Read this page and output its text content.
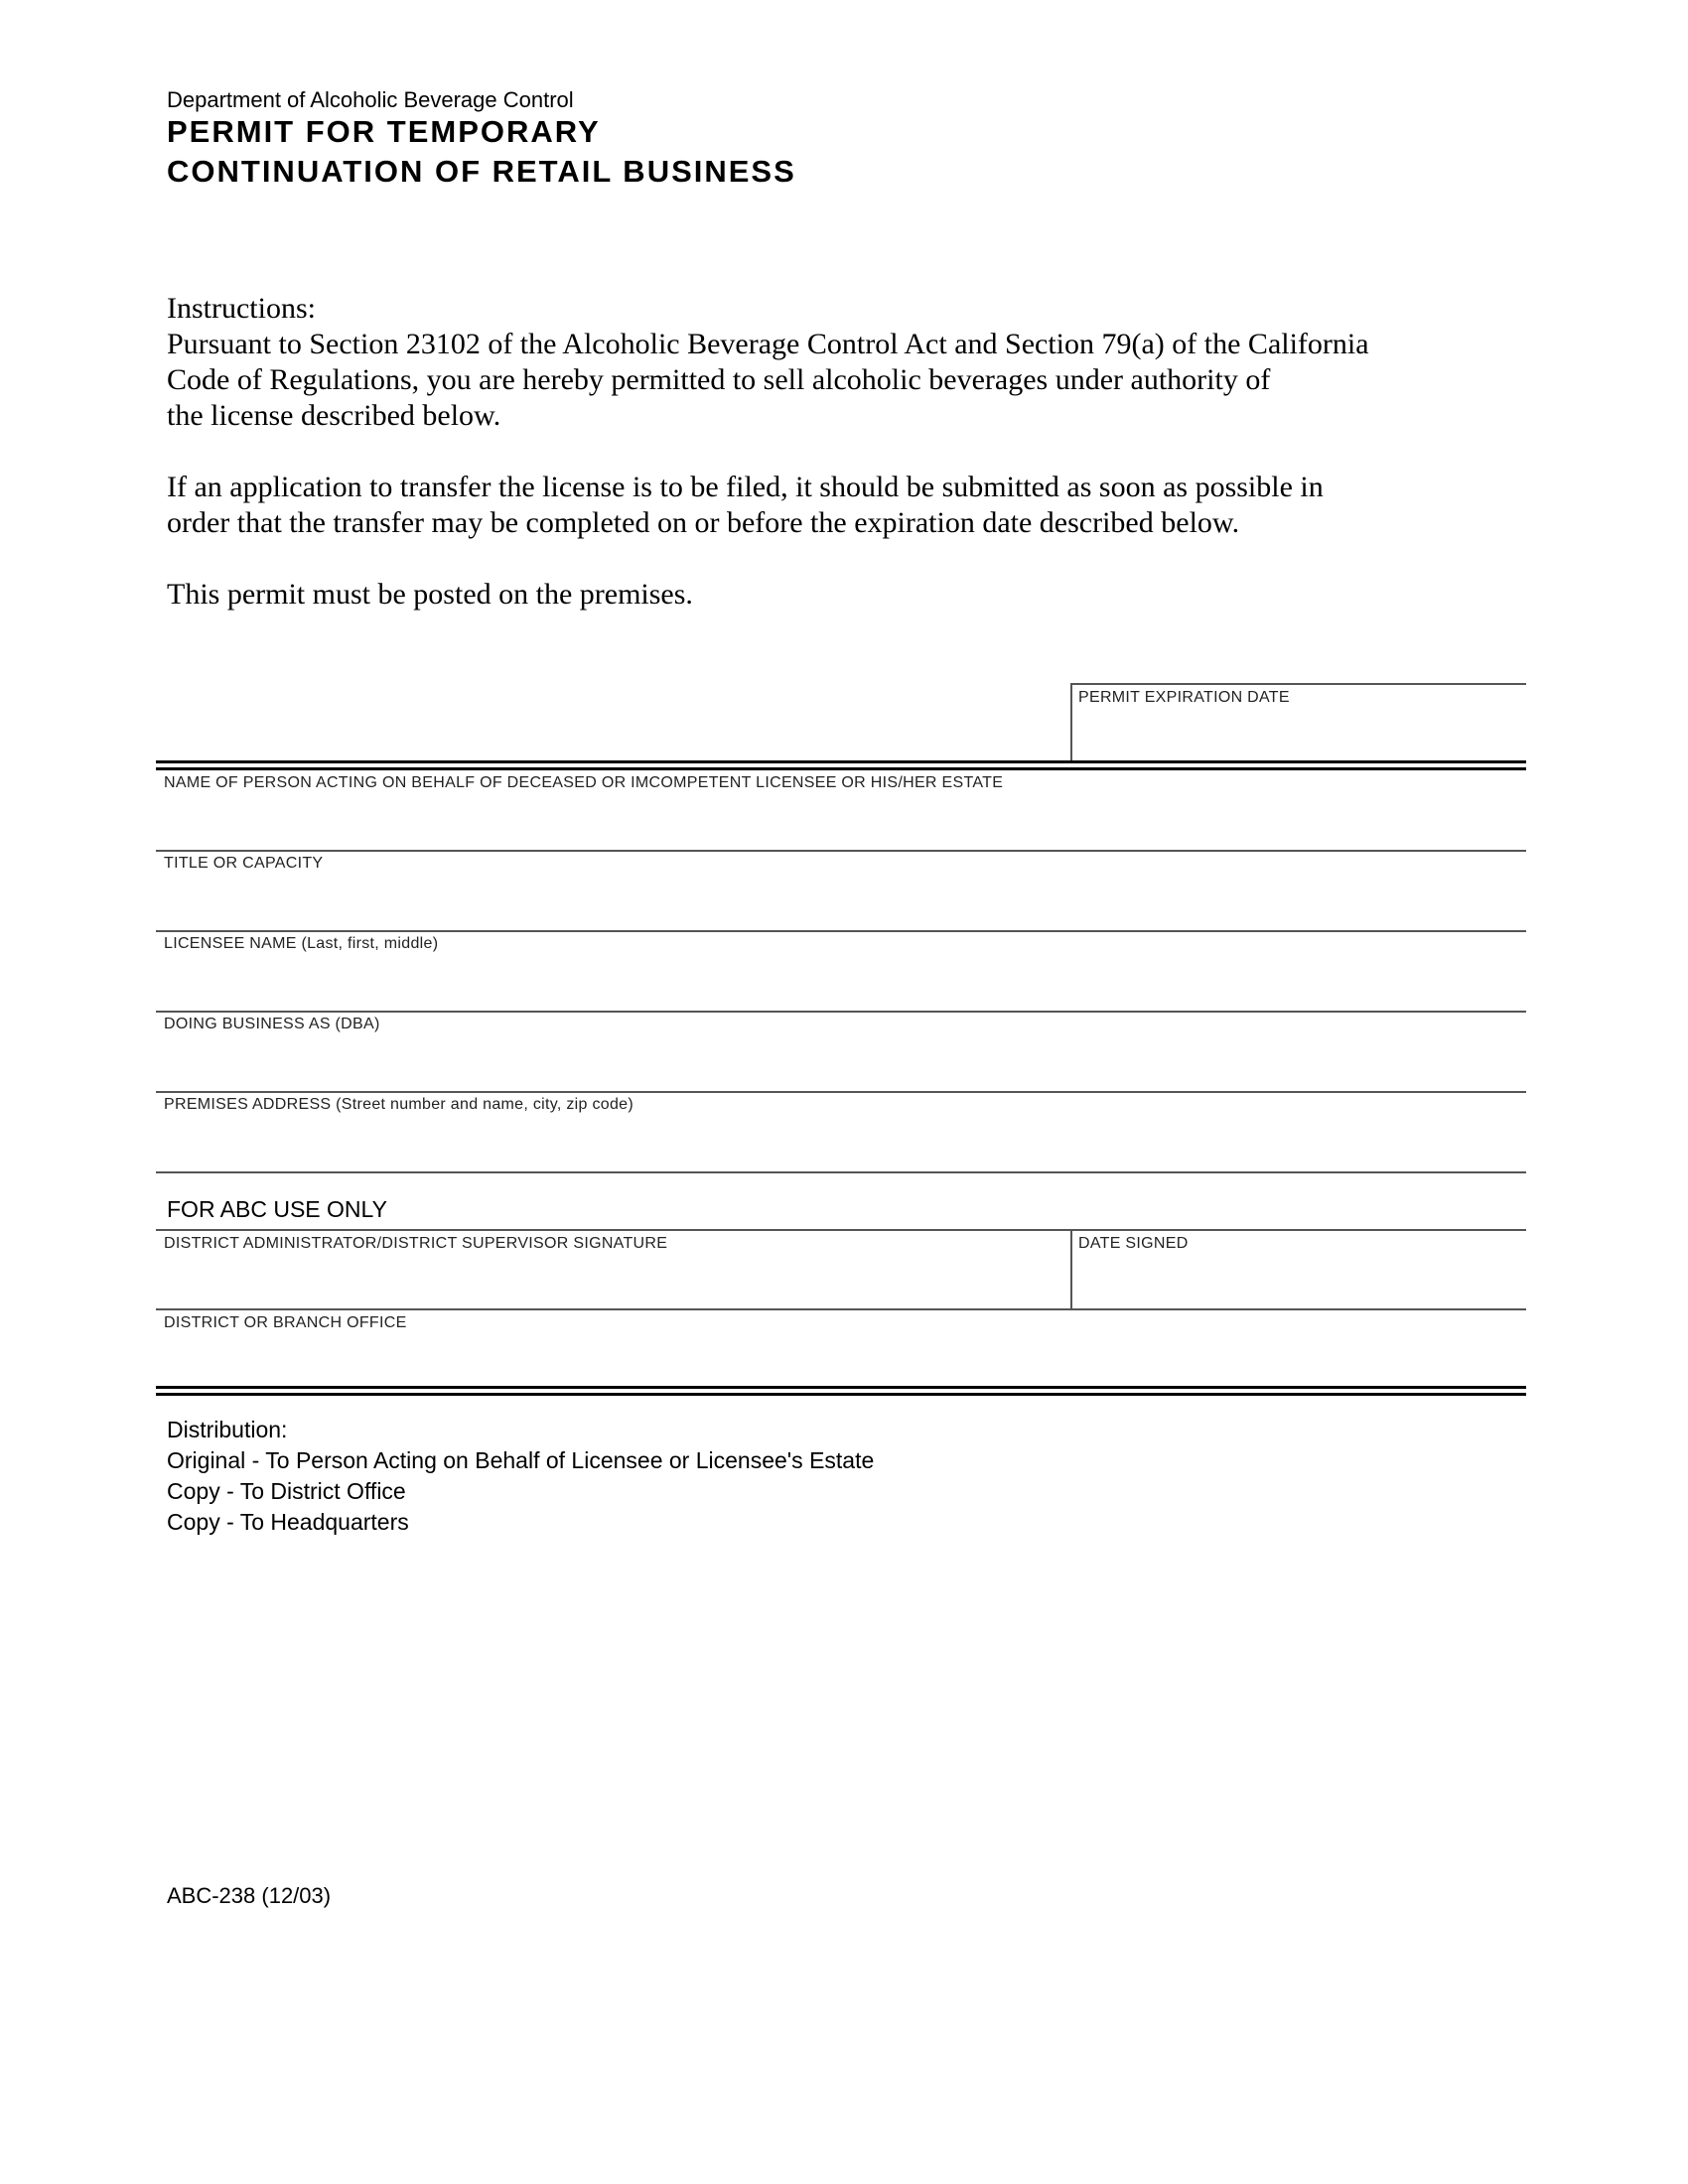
Department of Alcoholic Beverage Control
PERMIT FOR TEMPORARY
CONTINUATION OF RETAIL BUSINESS

Instructions:

Pursuant to Section 23102 of the Alcoholic Beverage Control Act and Section 79(a) of the California

Code of Regulations, you are hereby permitted to sell alcoholic beverages under authority of

the license described below.

If an application to transfer the license is to be filed, it should be submitted as soon as possible in

order that the transfer may be completed on or before the expiration date described below.

This permit must be posted on the premises.

PERMIT EXPIRATION DATE
NAME OF PERSON ACTING ON BEHALF OF DECEASED OR IMCOMPETENT LICENSEE OR HIS/HER ESTATE
TITLE OR CAPACITY
LICENSEE NAME (Last, first, middle)
DOING BUSINESS AS (DBA)
PREMISES ADDRESS (Street number and name, city, zip code)
FOR ABC USE ONLY
DISTRICT ADMINISTRATOR/DISTRICT SUPERVISOR SIGNATURE	DATE SIGNED
DISTRICT OR BRANCH OFFICE
Distribution:
Original - To Person Acting on Behalf of Licensee or Licensee's Estate
Copy - To District Office
Copy - To Headquarters
ABC-238 (12/03)
